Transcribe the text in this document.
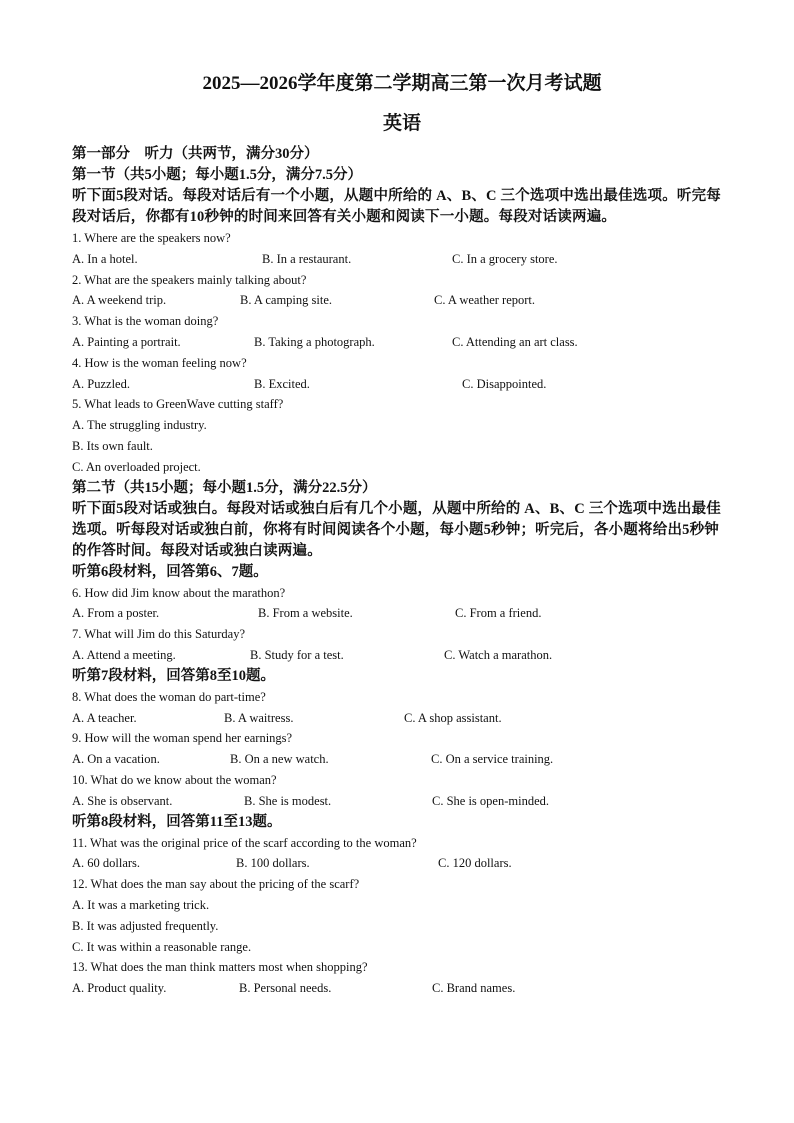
2025—2026学年度第二学期高三第一次月考试题
英语

第一部分　听力（共两节，满分30分）

第一节（共5小题；每小题1.5分，满分7.5分）

听下面5段对话。每段对话后有一个小题，从题中所给的 A、B、C 三个选项中选出最佳选项。听完每段对话后，你都有10秒钟的时间来回答有关小题和阅读下一小题。每段对话读两遍。

1. Where are the speakers now?

A. In a hotel.	B. In a restaurant.	C. In a grocery store.

2. What are the speakers mainly talking about?

A. A weekend trip.	B. A camping site.	C. A weather report.

3. What is the woman doing?

A. Painting a portrait.	B. Taking a photograph.	C. Attending an art class.

4. How is the woman feeling now?

A. Puzzled.	B. Excited.	C. Disappointed.

5. What leads to GreenWave cutting staff?

A. The struggling industry.

B. Its own fault.

C. An overloaded project.

第二节（共15小题；每小题1.5分，满分22.5分）

听下面5段对话或独白。每段对话或独白后有几个小题，从题中所给的 A、B、C 三个选项中选出最佳选项。听每段对话或独白前，你将有时间阅读各个小题，每小题5秒钟；听完后，各小题将给出5秒钟的作答时间。每段对话或独白读两遍。

听第6段材料，回答第6、7题。

6. How did Jim know about the marathon?

A. From a poster.	B. From a website.	C. From a friend.

7. What will Jim do this Saturday?

A. Attend a meeting.	B. Study for a test.	C. Watch a marathon.

听第7段材料，回答第8至10题。

8. What does the woman do part-time?

A. A teacher.	B. A waitress.	C. A shop assistant.

9. How will the woman spend her earnings?

A. On a vacation.	B. On a new watch.	C. On a service training.

10. What do we know about the woman?

A. She is observant.	B. She is modest.	C. She is open-minded.

听第8段材料，回答第11至13题。

11. What was the original price of the scarf according to the woman?

A. 60 dollars.	B. 100 dollars.	C. 120 dollars.

12. What does the man say about the pricing of the scarf?

A. It was a marketing trick.

B. It was adjusted frequently.

C. It was within a reasonable range.

13. What does the man think matters most when shopping?

A. Product quality.	B. Personal needs.	C. Brand names.
